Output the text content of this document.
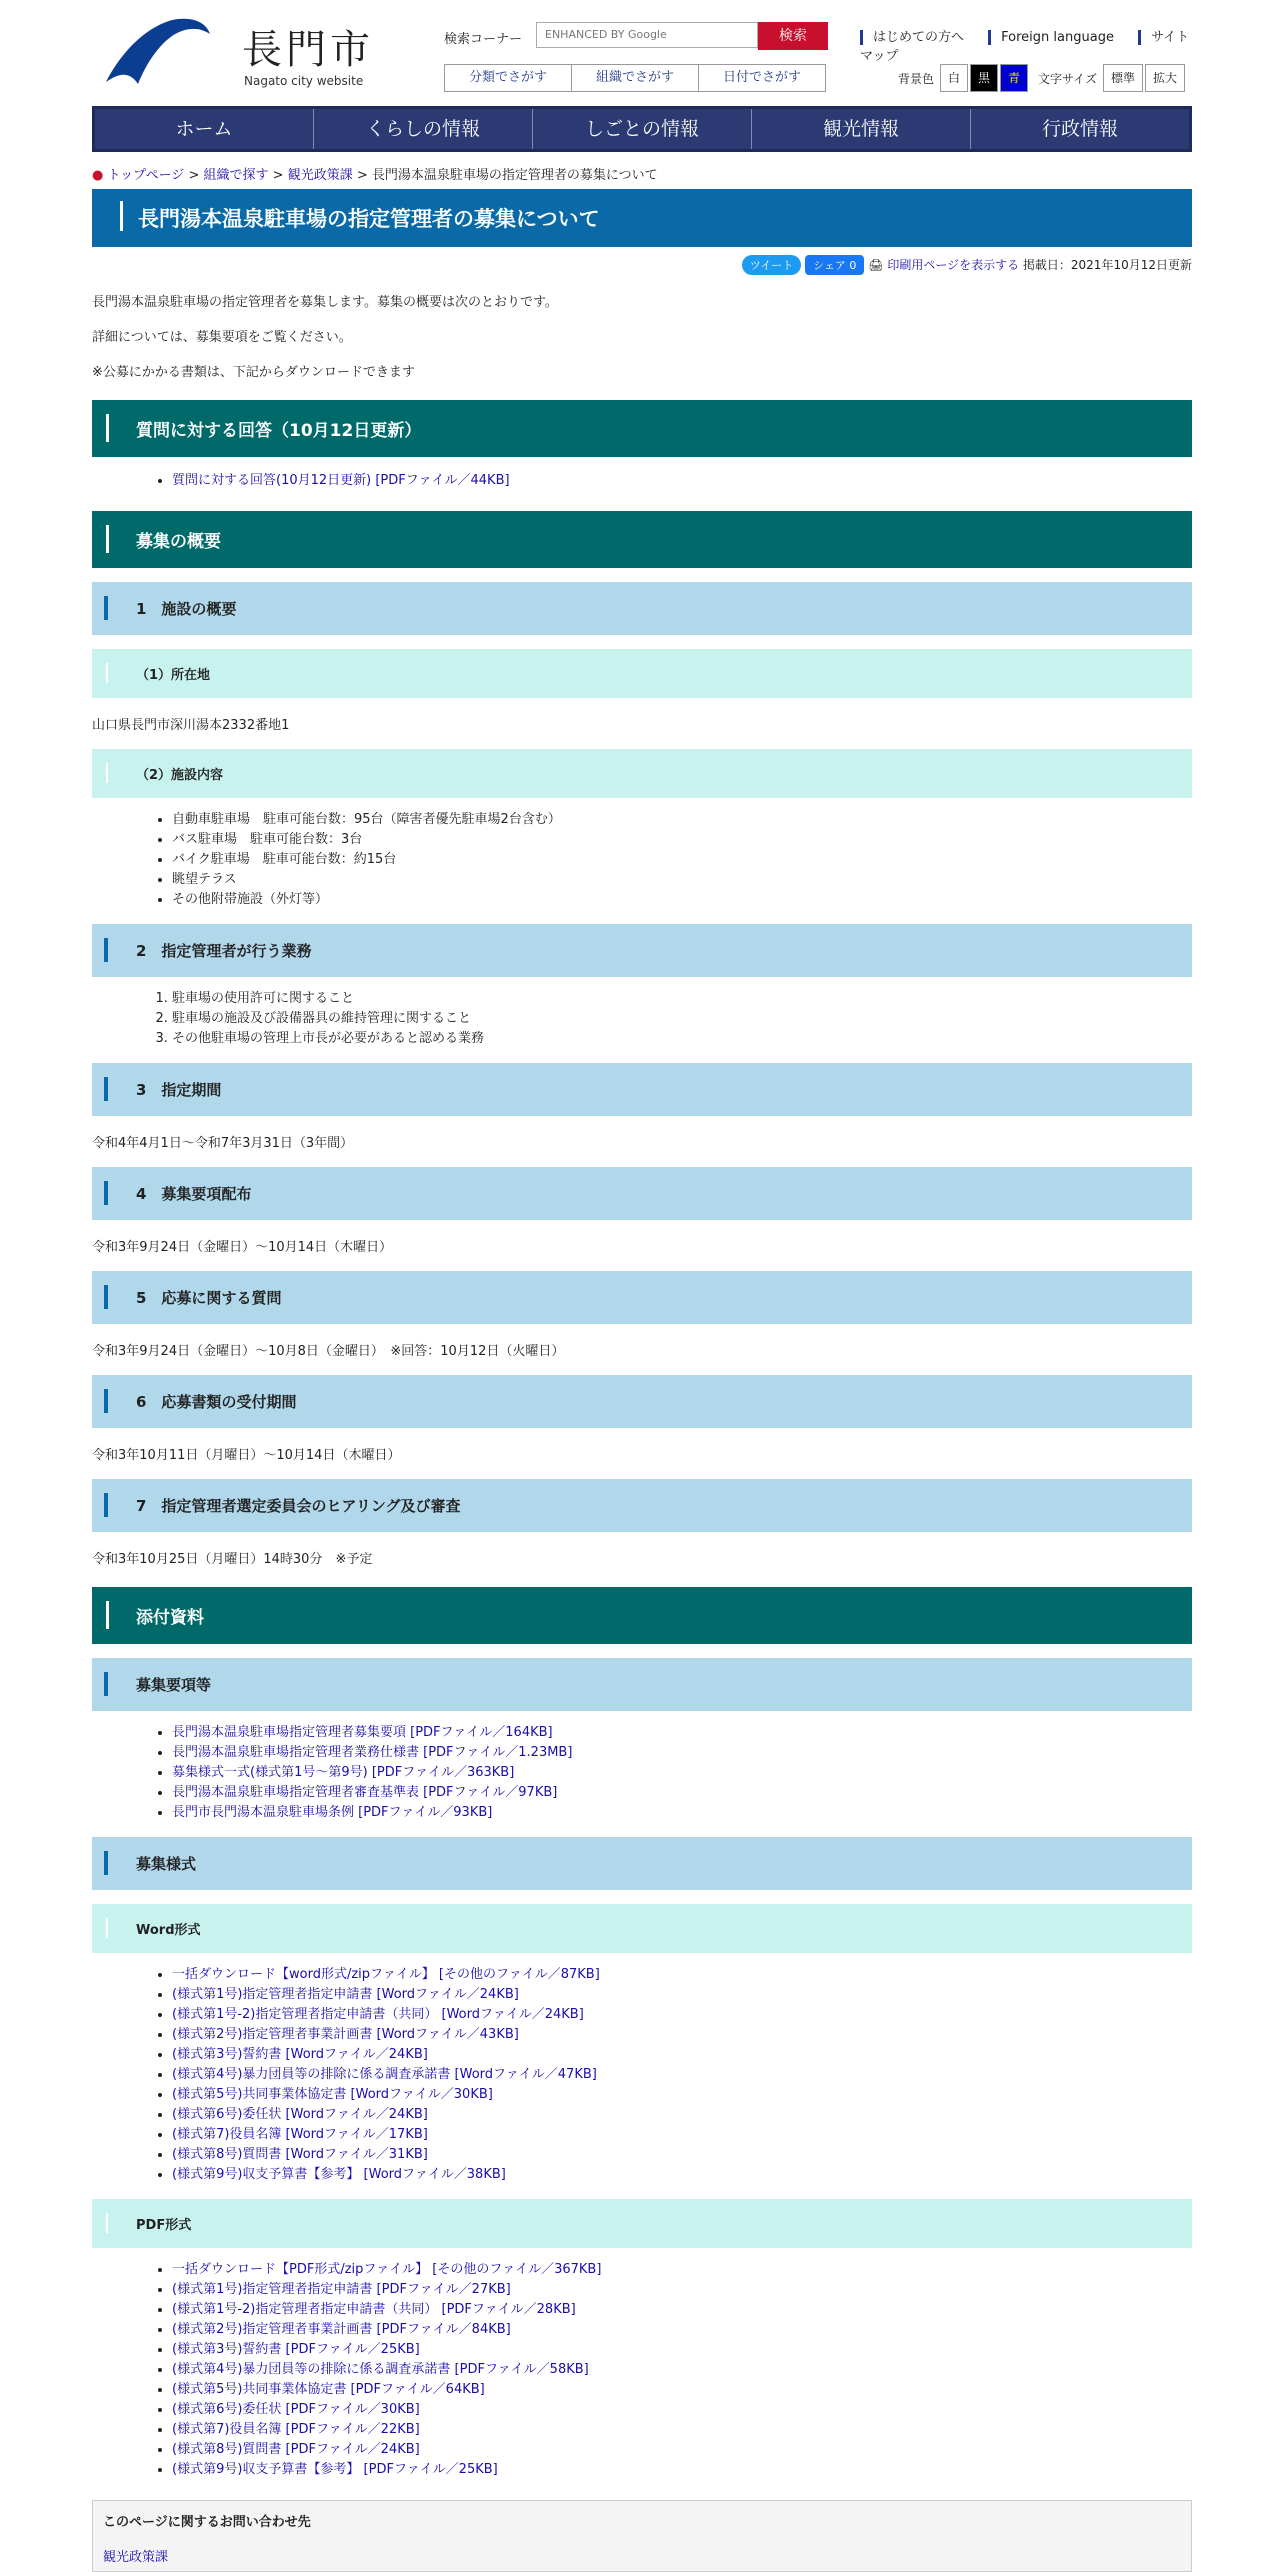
長門市
Nagato city website
検索コーナー	ENHANCED BY Google	検索	はじめての方へ	Foreign language	サイトマップ
分類でさがす	組織でさがす	日付でさがす	背景色	白	黒	青	文字サイズ	標準	拡大
ホーム	くらしの情報	しごとの情報	観光情報	行政情報
● トップページ > 組織で探す > 観光政策課 > 長門湯本温泉駐車場の指定管理者の募集について
長門湯本温泉駐車場の指定管理者の募集について
ツイート シェア 0 🖨 印刷用ページを表示する 掲載日：2021年10月12日更新

長門湯本温泉駐車場の指定管理者を募集します。募集の概要は次のとおりです。

詳細については、募集要項をご覧ください。

※公募にかかる書類は、下記からダウンロードできます

質問に対する回答（10月12日更新）
• 質問に対する回答(10月12日更新) [PDFファイル／44KB]
募集の概要
1　施設の概要
（1）所在地

山口県長門市深川湯本2332番地1

（2）施設内容
• 自動車駐車場　駐車可能台数：95台（障害者優先駐車場2台含む）
• バス駐車場　駐車可能台数：3台
• バイク駐車場　駐車可能台数：約15台
• 眺望テラス
• その他附帯施設（外灯等）
2　指定管理者が行う業務
1. 駐車場の使用許可に関すること
2. 駐車場の施設及び設備器具の維持管理に関すること
3. その他駐車場の管理上市長が必要があると認める業務
3　指定期間

令和4年4月1日～令和7年3月31日（3年間）

4　募集要項配布

令和3年9月24日（金曜日）～10月14日（木曜日）

5　応募に関する質問

令和3年9月24日（金曜日）～10月8日（金曜日）　※回答：10月12日（火曜日）

6　応募書類の受付期間

令和3年10月11日（月曜日）～10月14日（木曜日）

7　指定管理者選定委員会のヒアリング及び審査

令和3年10月25日（月曜日）14時30分　※予定

添付資料
募集要項等
• 長門湯本温泉駐車場指定管理者募集要項 [PDFファイル／164KB]
• 長門湯本温泉駐車場指定管理者業務仕様書 [PDFファイル／1.23MB]
• 募集様式一式(様式第1号～第9号) [PDFファイル／363KB]
• 長門湯本温泉駐車場指定管理者審査基準表 [PDFファイル／97KB]
• 長門市長門湯本温泉駐車場条例 [PDFファイル／93KB]
募集様式
Word形式
• 一括ダウンロード【word形式/zipファイル】 [その他のファイル／87KB]
• (様式第1号)指定管理者指定申請書 [Wordファイル／24KB]
• (様式第1号-2)指定管理者指定申請書（共同） [Wordファイル／24KB]
• (様式第2号)指定管理者事業計画書 [Wordファイル／43KB]
• (様式第3号)誓約書 [Wordファイル／24KB]
• (様式第4号)暴力団員等の排除に係る調査承諾書 [Wordファイル／47KB]
• (様式第5号)共同事業体協定書 [Wordファイル／30KB]
• (様式第6号)委任状 [Wordファイル／24KB]
• (様式第7)役員名簿 [Wordファイル／17KB]
• (様式第8号)質問書 [Wordファイル／31KB]
• (様式第9号)収支予算書【参考】 [Wordファイル／38KB]
PDF形式
• 一括ダウンロード【PDF形式/zipファイル】 [その他のファイル／367KB]
• (様式第1号)指定管理者指定申請書 [PDFファイル／27KB]
• (様式第1号-2)指定管理者指定申請書（共同） [PDFファイル／28KB]
• (様式第2号)指定管理者事業計画書 [PDFファイル／84KB]
• (様式第3号)誓約書 [PDFファイル／25KB]
• (様式第4号)暴力団員等の排除に係る調査承諾書 [PDFファイル／58KB]
• (様式第5号)共同事業体協定書 [PDFファイル／64KB]
• (様式第6号)委任状 [PDFファイル／30KB]
• (様式第7)役員名簿 [PDFファイル／22KB]
• (様式第8号)質問書 [PDFファイル／24KB]
• (様式第9号)収支予算書【参考】 [PDFファイル／25KB]
このページに関するお問い合わせ先
観光政策課
